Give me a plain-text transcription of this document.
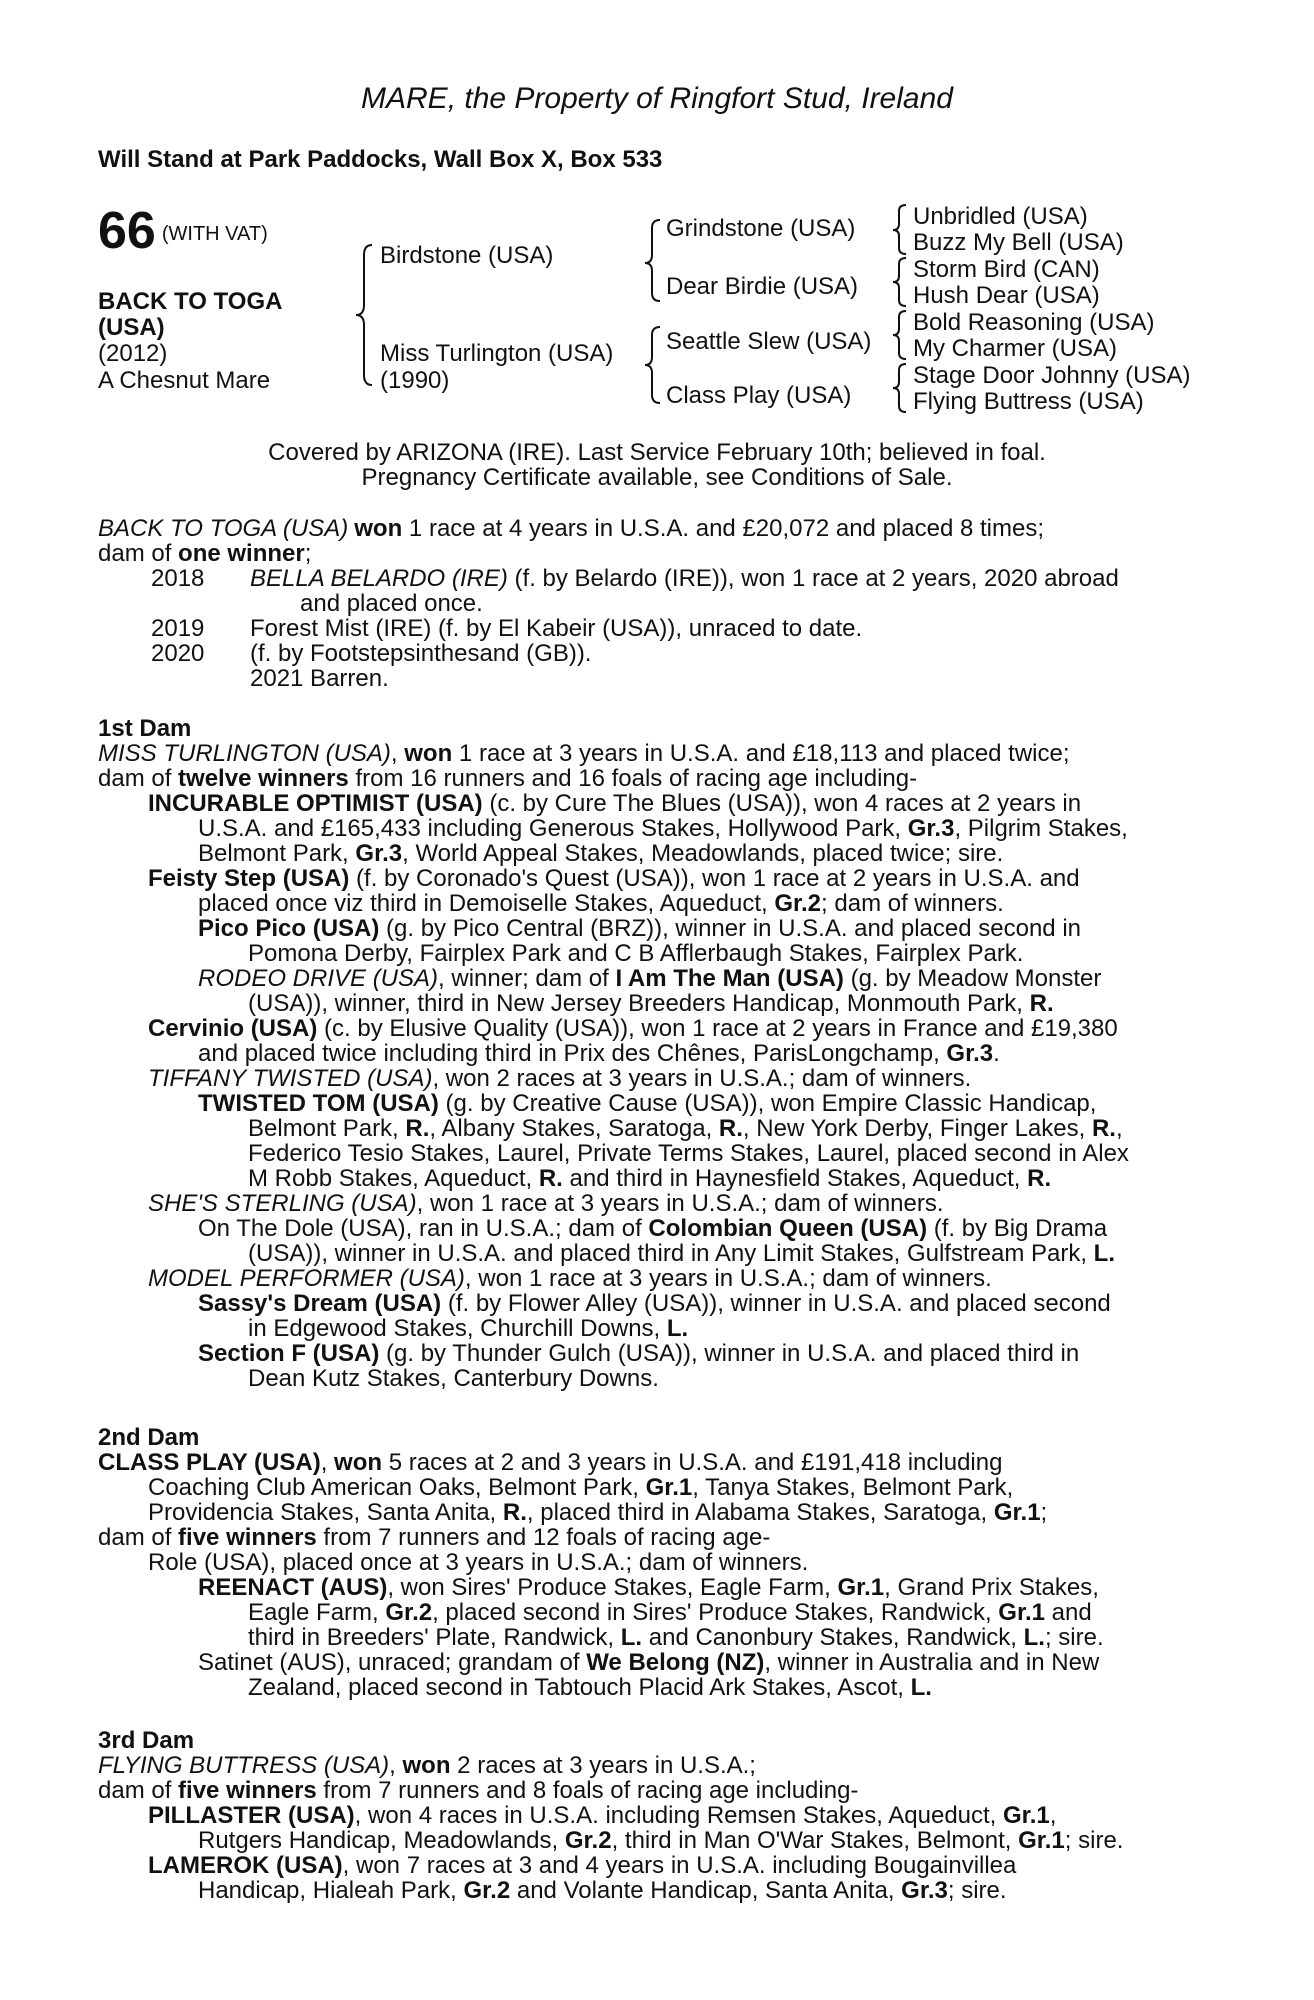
MARE, the Property of Ringfort Stud, Ireland
Will Stand at Park Paddocks, Wall Box X, Box 533
66 (WITH VAT)
BACK TO TOGA
(USA)
(2012)
A Chesnut Mare
Birdstone (USA)
Miss Turlington (USA)
(1990)
Grindstone (USA)
Dear Birdie (USA)
Seattle Slew (USA)
Class Play (USA)
Unbridled (USA)
Buzz My Bell (USA)
Storm Bird (CAN)
Hush Dear (USA)
Bold Reasoning (USA)
My Charmer (USA)
Stage Door Johnny (USA)
Flying Buttress (USA)
Covered by ARIZONA (IRE). Last Service February 10th; believed in foal.
Pregnancy Certificate available, see Conditions of Sale.
BACK TO TOGA (USA) won 1 race at 4 years in U.S.A. and £20,072 and placed 8 times;
dam of one winner;
2018 BELLA BELARDO (IRE) (f. by Belardo (IRE)), won 1 race at 2 years, 2020 abroad
and placed once.
2019 Forest Mist (IRE) (f. by El Kabeir (USA)), unraced to date.
2020 (f. by Footstepsinthesand (GB)).
2021 Barren.
1st Dam
MISS TURLINGTON (USA), won 1 race at 3 years in U.S.A. and £18,113 and placed twice;
dam of twelve winners from 16 runners and 16 foals of racing age including-
INCURABLE OPTIMIST (USA) (c. by Cure The Blues (USA)), won 4 races at 2 years in
U.S.A. and £165,433 including Generous Stakes, Hollywood Park, Gr.3, Pilgrim Stakes,
Belmont Park, Gr.3, World Appeal Stakes, Meadowlands, placed twice; sire.
Feisty Step (USA) (f. by Coronado's Quest (USA)), won 1 race at 2 years in U.S.A. and
placed once viz third in Demoiselle Stakes, Aqueduct, Gr.2; dam of winners.
Pico Pico (USA) (g. by Pico Central (BRZ)), winner in U.S.A. and placed second in
Pomona Derby, Fairplex Park and C B Afflerbaugh Stakes, Fairplex Park.
RODEO DRIVE (USA), winner; dam of I Am The Man (USA) (g. by Meadow Monster
(USA)), winner, third in New Jersey Breeders Handicap, Monmouth Park, R.
Cervinio (USA) (c. by Elusive Quality (USA)), won 1 race at 2 years in France and £19,380
and placed twice including third in Prix des Chênes, ParisLongchamp, Gr.3.
TIFFANY TWISTED (USA), won 2 races at 3 years in U.S.A.; dam of winners.
TWISTED TOM (USA) (g. by Creative Cause (USA)), won Empire Classic Handicap,
Belmont Park, R., Albany Stakes, Saratoga, R., New York Derby, Finger Lakes, R.,
Federico Tesio Stakes, Laurel, Private Terms Stakes, Laurel, placed second in Alex
M Robb Stakes, Aqueduct, R. and third in Haynesfield Stakes, Aqueduct, R.
SHE'S STERLING (USA), won 1 race at 3 years in U.S.A.; dam of winners.
On The Dole (USA), ran in U.S.A.; dam of Colombian Queen (USA) (f. by Big Drama
(USA)), winner in U.S.A. and placed third in Any Limit Stakes, Gulfstream Park, L.
MODEL PERFORMER (USA), won 1 race at 3 years in U.S.A.; dam of winners.
Sassy's Dream (USA) (f. by Flower Alley (USA)), winner in U.S.A. and placed second
in Edgewood Stakes, Churchill Downs, L.
Section F (USA) (g. by Thunder Gulch (USA)), winner in U.S.A. and placed third in
Dean Kutz Stakes, Canterbury Downs.
2nd Dam
CLASS PLAY (USA), won 5 races at 2 and 3 years in U.S.A. and £191,418 including
Coaching Club American Oaks, Belmont Park, Gr.1, Tanya Stakes, Belmont Park,
Providencia Stakes, Santa Anita, R., placed third in Alabama Stakes, Saratoga, Gr.1;
dam of five winners from 7 runners and 12 foals of racing age-
Role (USA), placed once at 3 years in U.S.A.; dam of winners.
REENACT (AUS), won Sires' Produce Stakes, Eagle Farm, Gr.1, Grand Prix Stakes,
Eagle Farm, Gr.2, placed second in Sires' Produce Stakes, Randwick, Gr.1 and
third in Breeders' Plate, Randwick, L. and Canonbury Stakes, Randwick, L.; sire.
Satinet (AUS), unraced; grandam of We Belong (NZ), winner in Australia and in New
Zealand, placed second in Tabtouch Placid Ark Stakes, Ascot, L.
3rd Dam
FLYING BUTTRESS (USA), won 2 races at 3 years in U.S.A.;
dam of five winners from 7 runners and 8 foals of racing age including-
PILLASTER (USA), won 4 races in U.S.A. including Remsen Stakes, Aqueduct, Gr.1,
Rutgers Handicap, Meadowlands, Gr.2, third in Man O'War Stakes, Belmont, Gr.1; sire.
LAMEROK (USA), won 7 races at 3 and 4 years in U.S.A. including Bougainvillea
Handicap, Hialeah Park, Gr.2 and Volante Handicap, Santa Anita, Gr.3; sire.
